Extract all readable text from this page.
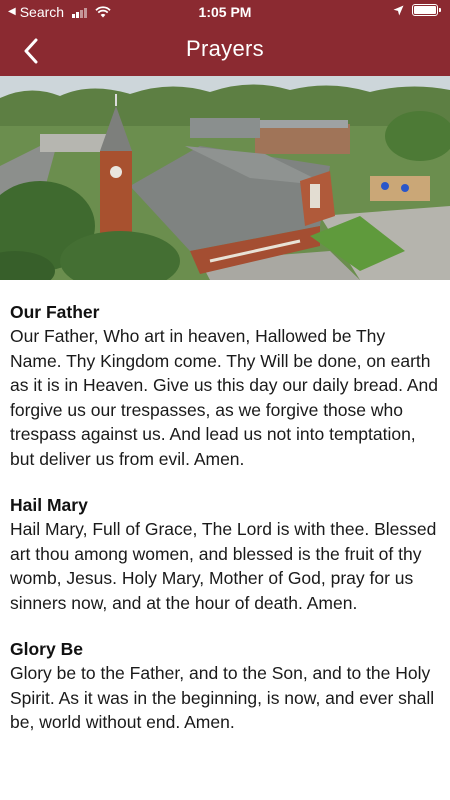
◀ Search	1:05 PM
Prayers
Our Father
Our Father, Who art in heaven, Hallowed be Thy Name. Thy Kingdom come. Thy Will be done, on earth as it is in Heaven. Give us this day our daily bread. And forgive us our trespasses, as we forgive those who trespass against us. And lead us not into temptation, but deliver us from evil. Amen.
Hail Mary
Hail Mary, Full of Grace, The Lord is with thee. Blessed art thou among women, and blessed is the fruit of thy womb, Jesus. Holy Mary, Mother of God, pray for us sinners now, and at the hour of death. Amen.
Glory Be
Glory be to the Father, and to the Son, and to the Holy Spirit. As it was in the beginning, is now, and ever shall be, world without end. Amen.
